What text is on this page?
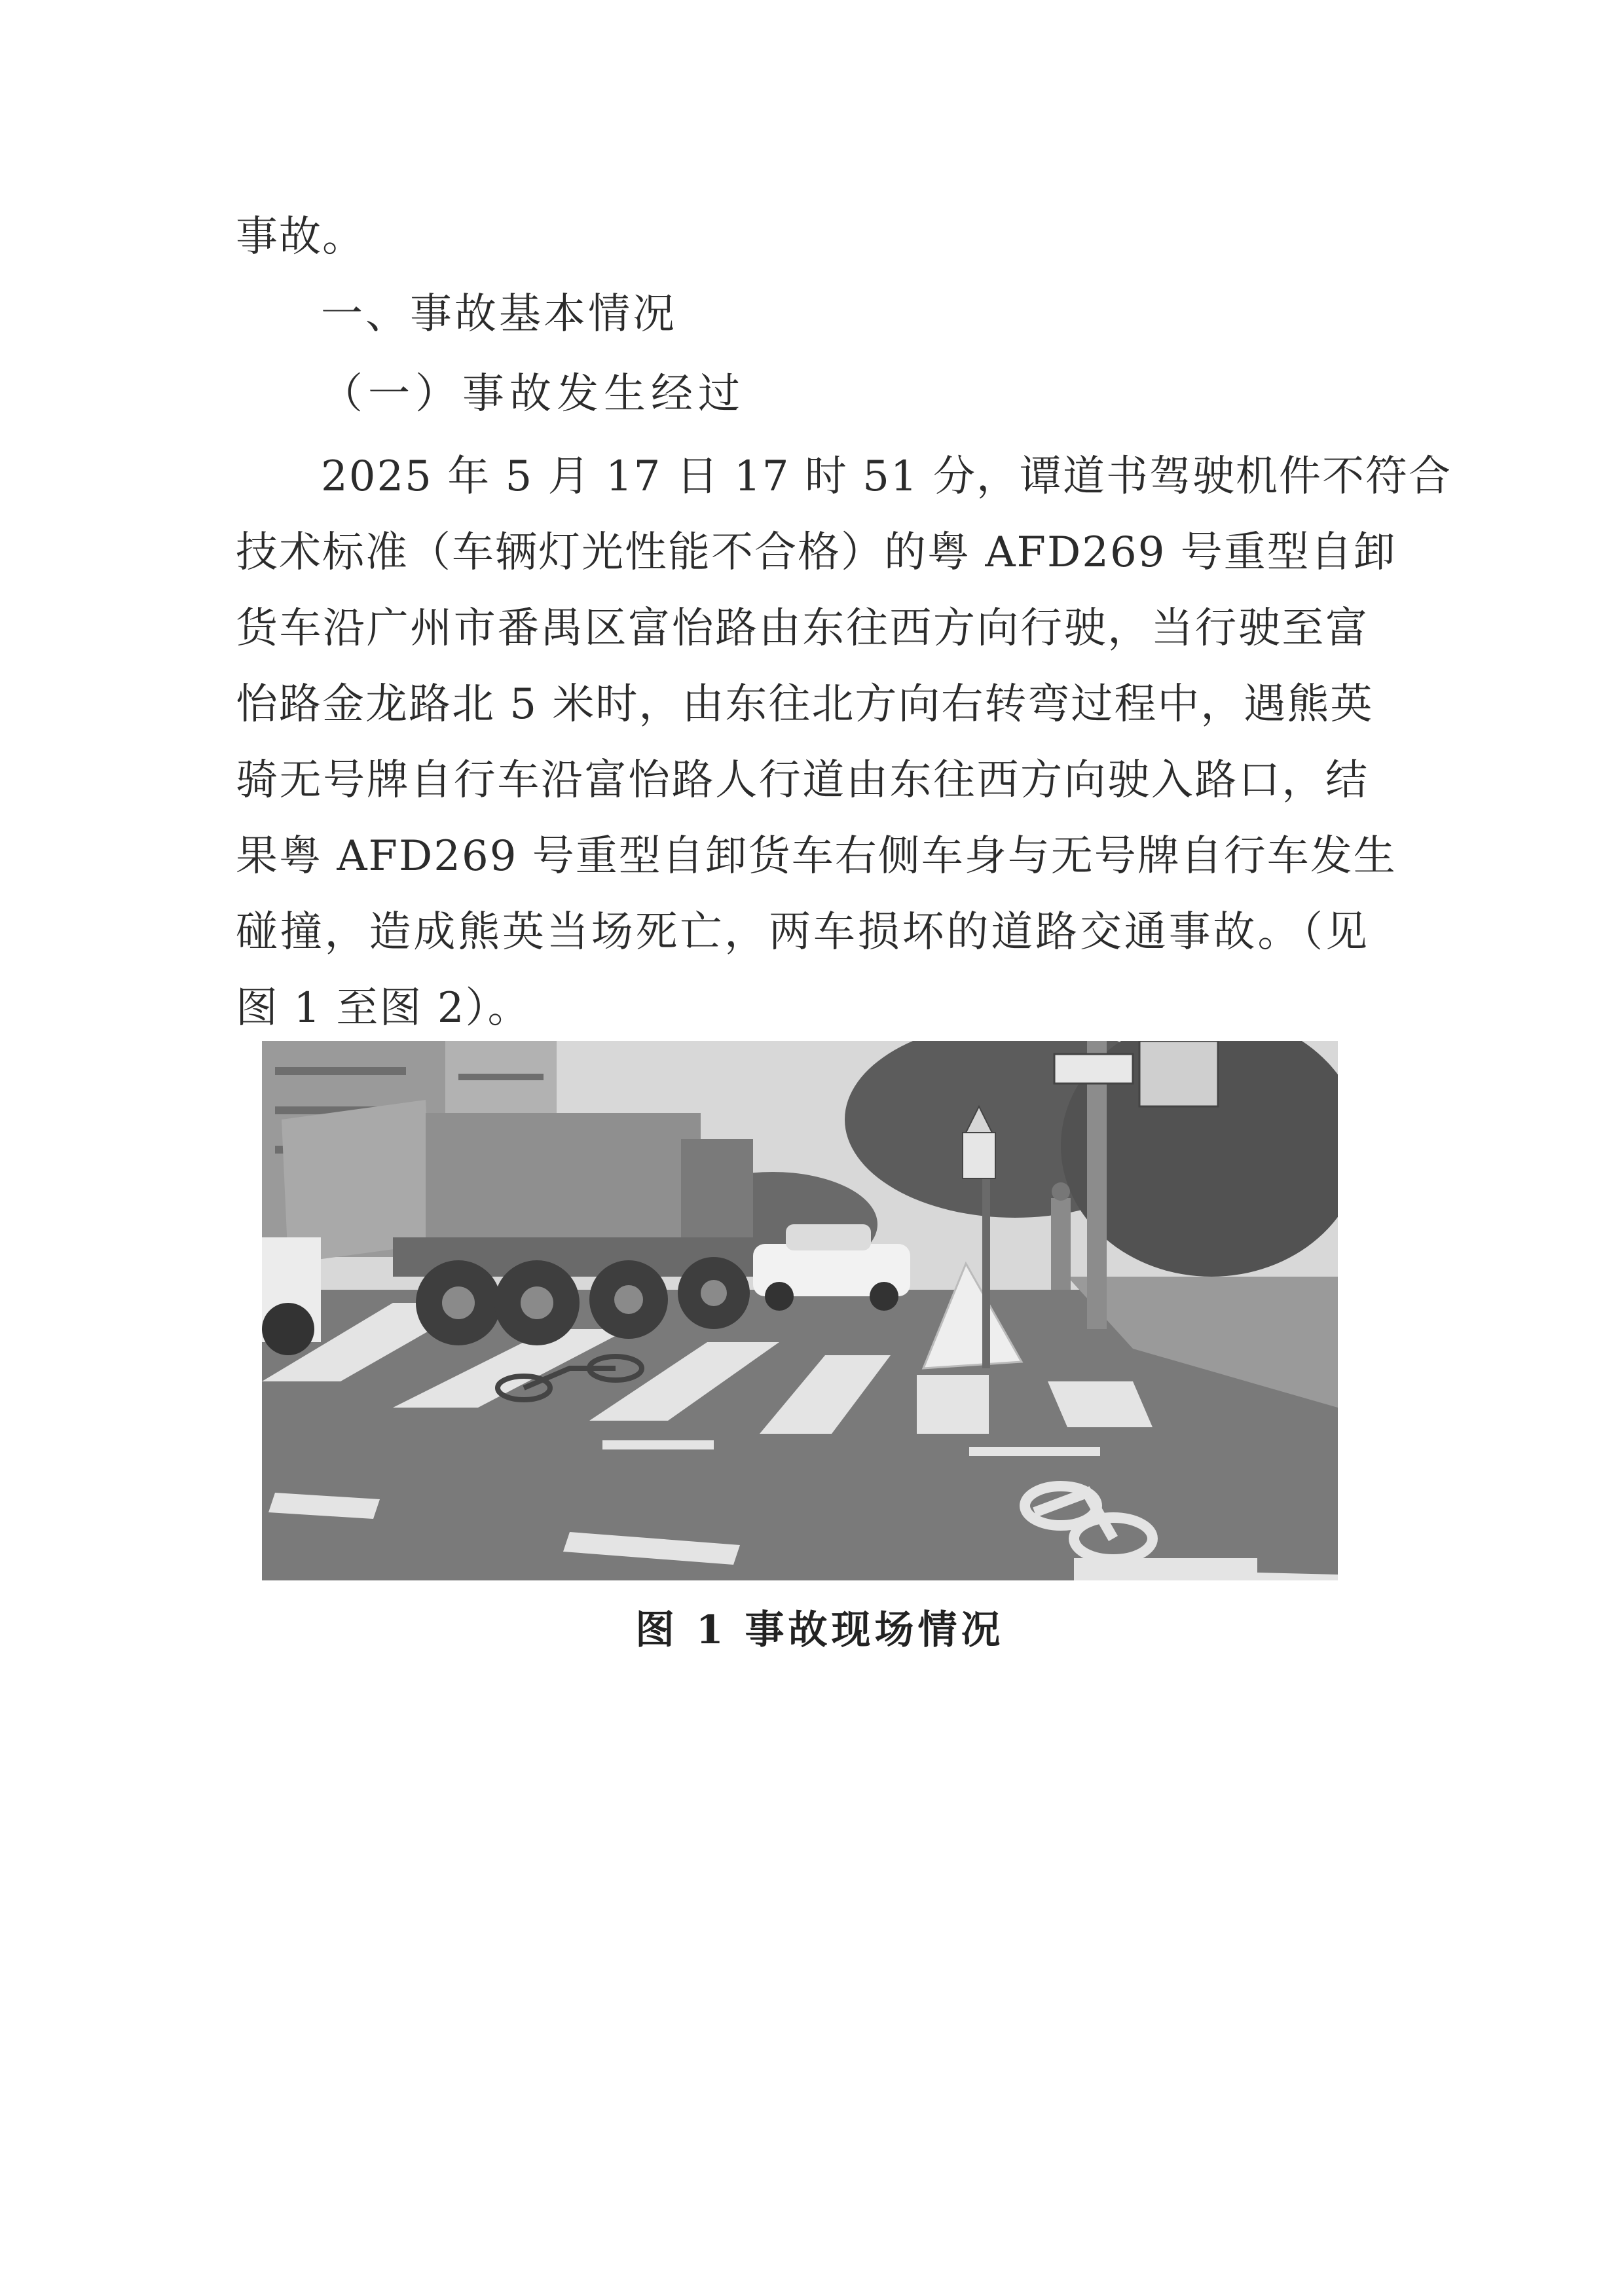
事故。
一、事故基本情况
（一）事故发生经过
2025 年 5 月 17 日 17 时 51 分，谭道书驾驶机件不符合
技术标准（车辆灯光性能不合格）的粤 AFD269 号重型自卸
货车沿广州市番禺区富怡路由东往西方向行驶，当行驶至富
怡路金龙路北 5 米时，由东往北方向右转弯过程中，遇熊英
骑无号牌自行车沿富怡路人行道由东往西方向驶入路口，结
果粤 AFD269 号重型自卸货车右侧车身与无号牌自行车发生
碰撞，造成熊英当场死亡，两车损坏的道路交通事故。（见
图 1 至图 2）。
图 1 事故现场情况
